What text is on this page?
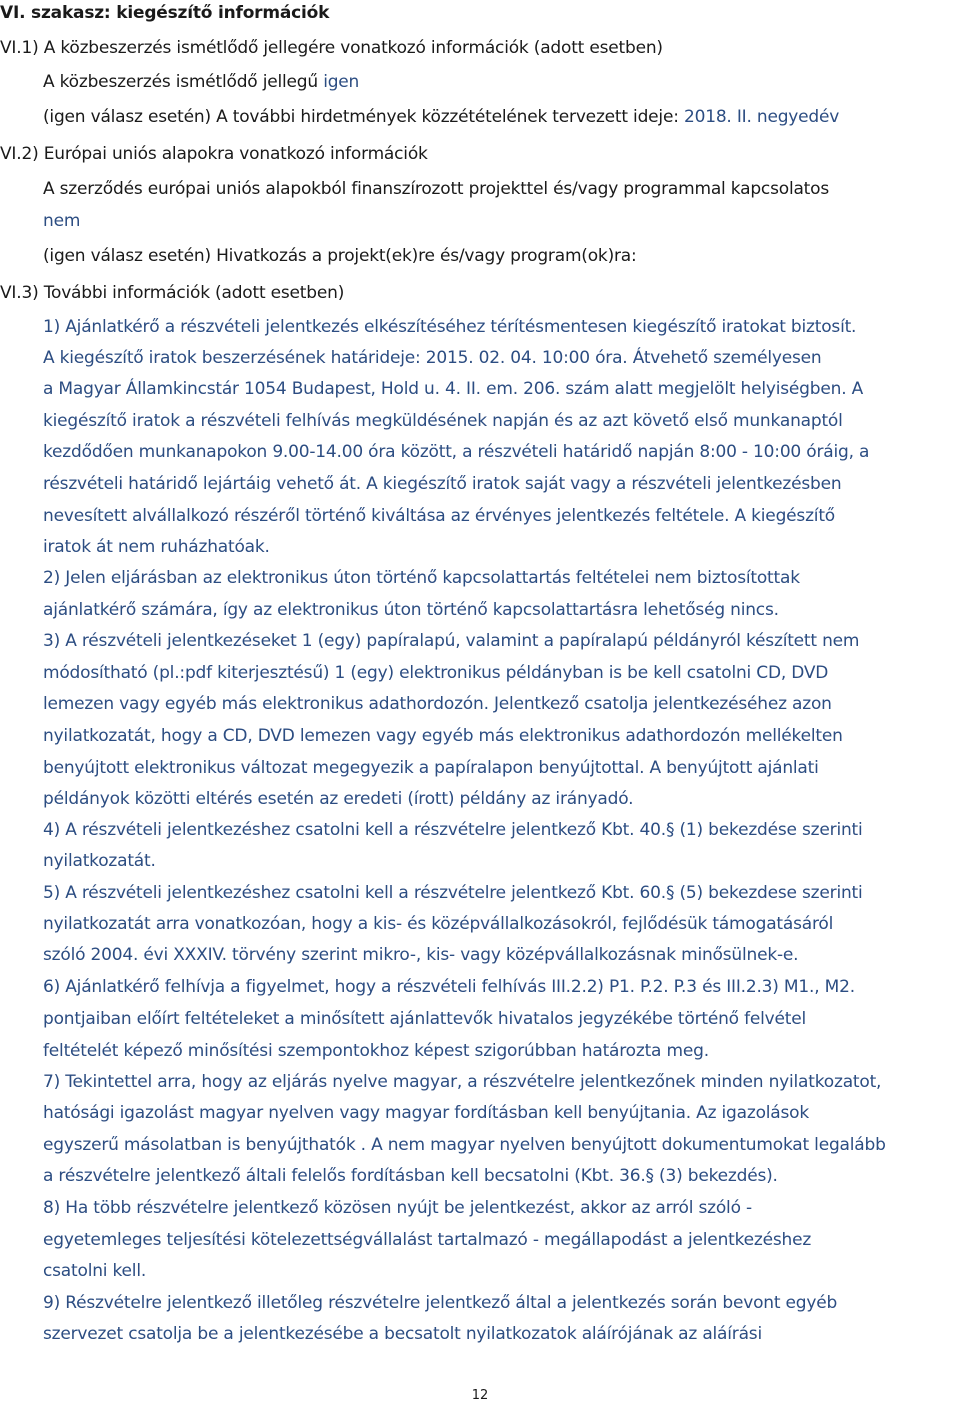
VI. szakasz: kiegészítő információk
VI.1) A közbeszerzés ismétlődő jellegére vonatkozó információk (adott esetben)
A közbeszerzés ismétlődő jellegű igen
(igen válasz esetén) A további hirdetmények közzétételének tervezett ideje: 2018. II. negyedév
VI.2) Európai uniós alapokra vonatkozó információk
A szerződés európai uniós alapokból finanszírozott projekttel és/vagy programmal kapcsolatos
nem
(igen válasz esetén) Hivatkozás a projekt(ek)re és/vagy program(ok)ra:
VI.3) További információk (adott esetben)
1) Ajánlatkérő a részvételi jelentkezés elkészítéséhez térítésmentesen kiegészítő iratokat biztosít.
A kiegészítő iratok beszerzésének határideje: 2015. 02. 04. 10:00 óra. Átvehető személyesen
a Magyar Államkincstár 1054 Budapest, Hold u. 4. II. em. 206. szám alatt megjelölt helyiségben. A
kiegészítő iratok a részvételi felhívás megküldésének napján és az azt követő első munkanaptól
kezdődően munkanapokon 9.00-14.00 óra között, a részvételi határidő napján 8:00 - 10:00 óráig, a
részvételi határidő lejártáig vehető át. A kiegészítő iratok saját vagy a részvételi jelentkezésben
nevesített alvállalkozó részéről történő kiváltása az érvényes jelentkezés feltétele. A kiegészítő
iratok át nem ruházhatóak.
2) Jelen eljárásban az elektronikus úton történő kapcsolattartás feltételei nem biztosítottak
ajánlatkérő számára, így az elektronikus úton történő kapcsolattartásra lehetőség nincs.
3) A részvételi jelentkezéseket 1 (egy) papíralapú, valamint a papíralapú példányról készített nem
módosítható (pl.:pdf kiterjesztésű) 1 (egy) elektronikus példányban is be kell csatolni CD, DVD
lemezen vagy egyéb más elektronikus adathordozón. Jelentkező csatolja jelentkezéséhez azon
nyilatkozatát, hogy a CD, DVD lemezen vagy egyéb más elektronikus adathordozón mellékelten
benyújtott elektronikus változat megegyezik a papíralapon benyújtottal. A benyújtott ajánlati
példányok közötti eltérés esetén az eredeti (írott) példány az irányadó.
4) A részvételi jelentkezéshez csatolni kell a részvételre jelentkező Kbt. 40.§ (1) bekezdése szerinti
nyilatkozatát.
5) A részvételi jelentkezéshez csatolni kell a részvételre jelentkező Kbt. 60.§ (5) bekezdese szerinti
nyilatkozatát arra vonatkozóan, hogy a kis- és középvállalkozásokról, fejlődésük támogatásáról
szóló 2004. évi XXXIV. törvény szerint mikro-, kis- vagy középvállalkozásnak minősülnek-e.
6) Ajánlatkérő felhívja a figyelmet, hogy a részvételi felhívás III.2.2) P1. P.2. P.3 és III.2.3) M1., M2.
pontjaiban előírt feltételeket a minősített ajánlattevők hivatalos jegyzékébe történő felvétel
feltételét képező minősítési szempontokhoz képest szigorúbban határozta meg.
7) Tekintettel arra, hogy az eljárás nyelve magyar, a részvételre jelentkezőnek minden nyilatkozatot,
hatósági igazolást magyar nyelven vagy magyar fordításban kell benyújtania. Az igazolások
egyszerű másolatban is benyújthatók . A nem magyar nyelven benyújtott dokumentumokat legalább
a részvételre jelentkező általi felelős fordításban kell becsatolni (Kbt. 36.§ (3) bekezdés).
8) Ha több részvételre jelentkező közösen nyújt be jelentkezést, akkor az arról szóló -
egyetemleges teljesítési kötelezettségvállalást tartalmazó - megállapodást a jelentkezéshez
csatolni kell.
9) Részvételre jelentkező illetőleg részvételre jelentkező által a jelentkezés során bevont egyéb
szervezet csatolja be a jelentkezésébe a becsatolt nyilatkozatok aláírójának az aláírási
12
